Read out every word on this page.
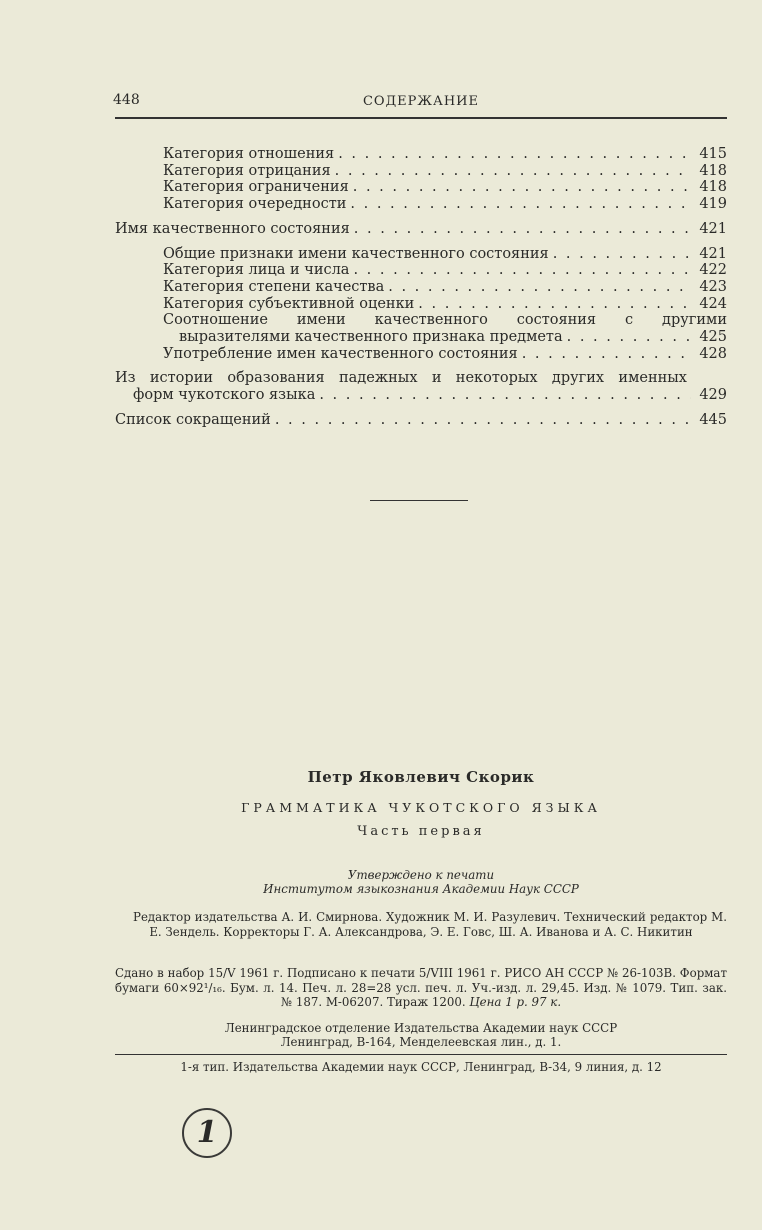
448	СОДЕРЖАНИЕ
Категория отношения . . .	415
Категория отрицания . . .	418
Категория ограничения . . .	418
Категория очередности . . .	419
Имя качественного состояния . . .	421
Общие признаки имени качественного состояния . . .	421
Категория лица и числа . . .	422
Категория степени качества . . .	423
Категория субъективной оценки . . .	424
Соотношение имени качественного состояния с другими
выразителями качественного признака предмета . . .	425
Употребление имен качественного состояния . . .	428
Из истории образования падежных и некоторых других именных
форм чукотского языка . . .	429
Список сокращений . . .	445
Петр Яковлевич Скорик
ГРАММАТИКА ЧУКОТСКОГО ЯЗЫКА
Часть первая
Утверждено к печати
Институтом языкознания Академии Наук СССР
Редактор издательства А. И. Смирнова. Художник М. И. Разулевич. Технический редактор М. Е. Зендель. Корректоры Г. А. Александрова, Э. Е. Говс, Ш. А. Иванова и А. С. Никитин
Сдано в набор 15/V 1961 г. Подписано к печати 5/VIII 1961 г. РИСО АН СССР № 26-103В. Формат бумаги 60×92¹/₁₆. Бум. л. 14. Печ. л. 28=28 усл. печ. л. Уч.-изд. л. 29,45. Изд. № 1079. Тип. зак. № 187. М-06207. Тираж 1200. Цена 1 р. 97 к.
Ленинградское отделение Издательства Академии наук СССР
Ленинград, В-164, Менделеевская лин., д. 1.
1-я тип. Издательства Академии наук СССР, Ленинград, В-34, 9 линия, д. 12
1
